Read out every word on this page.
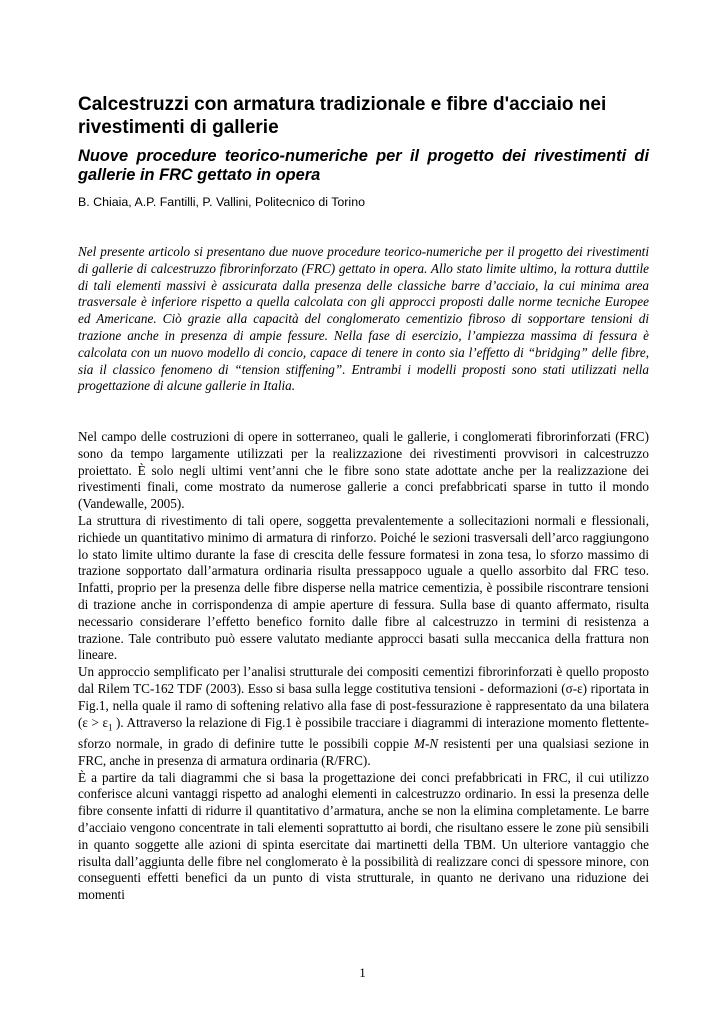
Calcestruzzi con armatura tradizionale e fibre d'acciaio nei rivestimenti di gallerie
Nuove procedure teorico-numeriche per il progetto dei rivestimenti di gallerie in FRC gettato in opera

B. Chiaia, A.P. Fantilli, P. Vallini, Politecnico di Torino

Nel presente articolo si presentano due nuove procedure teorico-numeriche per il progetto dei rivestimenti di gallerie di calcestruzzo fibrorinforzato (FRC) gettato in opera. Allo stato limite ultimo, la rottura duttile di tali elementi massivi è assicurata dalla presenza delle classiche barre d’acciaio, la cui minima area trasversale è inferiore rispetto a quella calcolata con gli approcci proposti dalle norme tecniche Europee ed Americane. Ciò grazie alla capacità del conglomerato cementizio fibroso di sopportare tensioni di trazione anche in presenza di ampie fessure. Nella fase di esercizio, l’ampiezza massima di fessura è calcolata con un nuovo modello di concio, capace di tenere in conto sia l’effetto di “bridging” delle fibre, sia il classico fenomeno di “tension stiffening”. Entrambi i modelli proposti sono stati utilizzati nella progettazione di alcune gallerie in Italia.

Nel campo delle costruzioni di opere in sotterraneo, quali le gallerie, i conglomerati fibrorinforzati (FRC) sono da tempo largamente utilizzati per la realizzazione dei rivestimenti provvisori in calcestruzzo proiettato. È solo negli ultimi vent’anni che le fibre sono state adottate anche per la realizzazione dei rivestimenti finali, come mostrato da numerose gallerie a conci prefabbricati sparse in tutto il mondo (Vandewalle, 2005).

La struttura di rivestimento di tali opere, soggetta prevalentemente a sollecitazioni normali e flessionali, richiede un quantitativo minimo di armatura di rinforzo. Poiché le sezioni trasversali dell’arco raggiungono lo stato limite ultimo durante la fase di crescita delle fessure formatesi in zona tesa, lo sforzo massimo di trazione sopportato dall’armatura ordinaria risulta pressappoco uguale a quello assorbito dal FRC teso. Infatti, proprio per la presenza delle fibre disperse nella matrice cementizia, è possibile riscontrare tensioni di trazione anche in corrispondenza di ampie aperture di fessura. Sulla base di quanto affermato, risulta necessario considerare l’effetto benefico fornito dalle fibre al calcestruzzo in termini di resistenza a trazione. Tale contributo può essere valutato mediante approcci basati sulla meccanica della frattura non lineare.

Un approccio semplificato per l’analisi strutturale dei compositi cementizi fibrorinforzati è quello proposto dal Rilem TC-162 TDF (2003). Esso si basa sulla legge costitutiva tensioni - deformazioni (σ-ε) riportata in Fig.1, nella quale il ramo di softening relativo alla fase di post-fessurazione è rappresentato da una bilatera ($\varepsilon > \varepsilon_1$ ). Attraverso la relazione di Fig.1 è possibile tracciare i diagrammi di interazione momento flettente-sforzo normale, in grado di definire tutte le possibili coppie M-N resistenti per una qualsiasi sezione in FRC, anche in presenza di armatura ordinaria (R/FRC).

È a partire da tali diagrammi che si basa la progettazione dei conci prefabbricati in FRC, il cui utilizzo conferisce alcuni vantaggi rispetto ad analoghi elementi in calcestruzzo ordinario. In essi la presenza delle fibre consente infatti di ridurre il quantitativo d’armatura, anche se non la elimina completamente. Le barre d’acciaio vengono concentrate in tali elementi soprattutto ai bordi, che risultano essere le zone più sensibili in quanto soggette alle azioni di spinta esercitate dai martinetti della TBM. Un ulteriore vantaggio che risulta dall’aggiunta delle fibre nel conglomerato è la possibilità di realizzare conci di spessore minore, con conseguenti effetti benefici da un punto di vista strutturale, in quanto ne derivano una riduzione dei momenti

1
